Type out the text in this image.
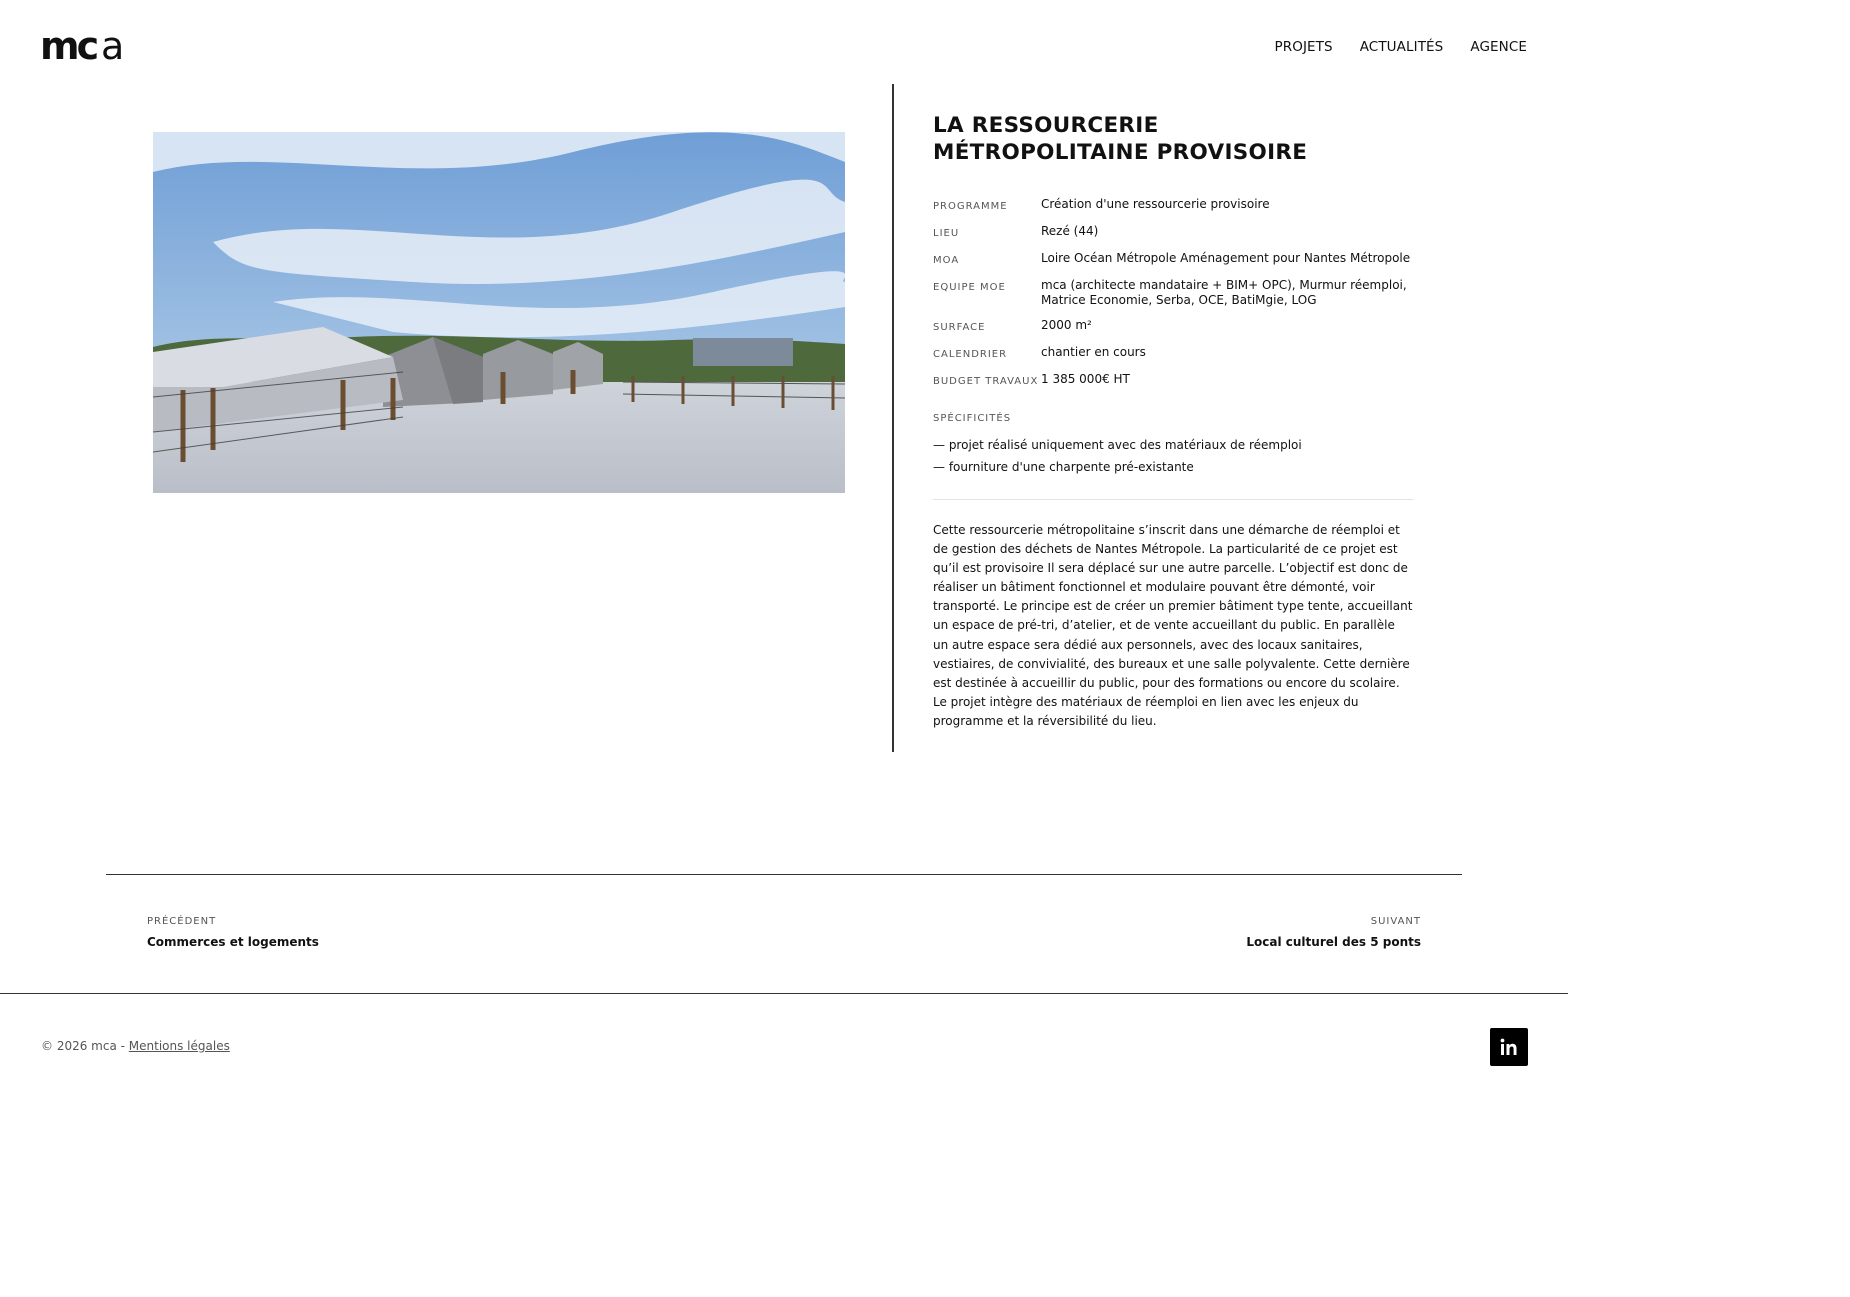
mc a	PROJETS ACTUALITÉS AGENCE
LA RESSOURCERIE
MÉTROPOLITAINE PROVISOIRE
PROGRAMME	Création d'une ressourcerie provisoire
LIEU	Rezé (44)
MOA	Loire Océan Métropole Aménagement pour Nantes Métropole
EQUIPE MOE	mca (architecte mandataire + BIM+ OPC), Murmur réemploi, Matrice Economie, Serba, OCE, BatiMgie, LOG
SURFACE	2000 m²
CALENDRIER	chantier en cours
BUDGET TRAVAUX 1 385 000€ HT
SPÉCIFICITÉS
— projet réalisé uniquement avec des matériaux de réemploi
— fourniture d'une charpente pré-existante

Cette ressourcerie métropolitaine s’inscrit dans une démarche de réemploi et de gestion des déchets de Nantes Métropole. La particularité de ce projet est qu’il est provisoire Il sera déplacé sur une autre parcelle. L’objectif est donc de réaliser un bâtiment fonctionnel et modulaire pouvant être démonté, voir transporté. Le principe est de créer un premier bâtiment type tente, accueillant un espace de pré-tri, d’atelier, et de vente accueillant du public. En parallèle un autre espace sera dédié aux personnels, avec des locaux sanitaires, vestiaires, de convivialité, des bureaux et une salle polyvalente. Cette dernière est destinée à accueillir du public, pour des formations ou encore du scolaire. Le projet intègre des matériaux de réemploi en lien avec les enjeux du programme et la réversibilité du lieu.

PRÉCÉDENT
Commerces et logements
SUIVANT
Local culturel des 5 ponts
© 2026 mca - Mentions légales
